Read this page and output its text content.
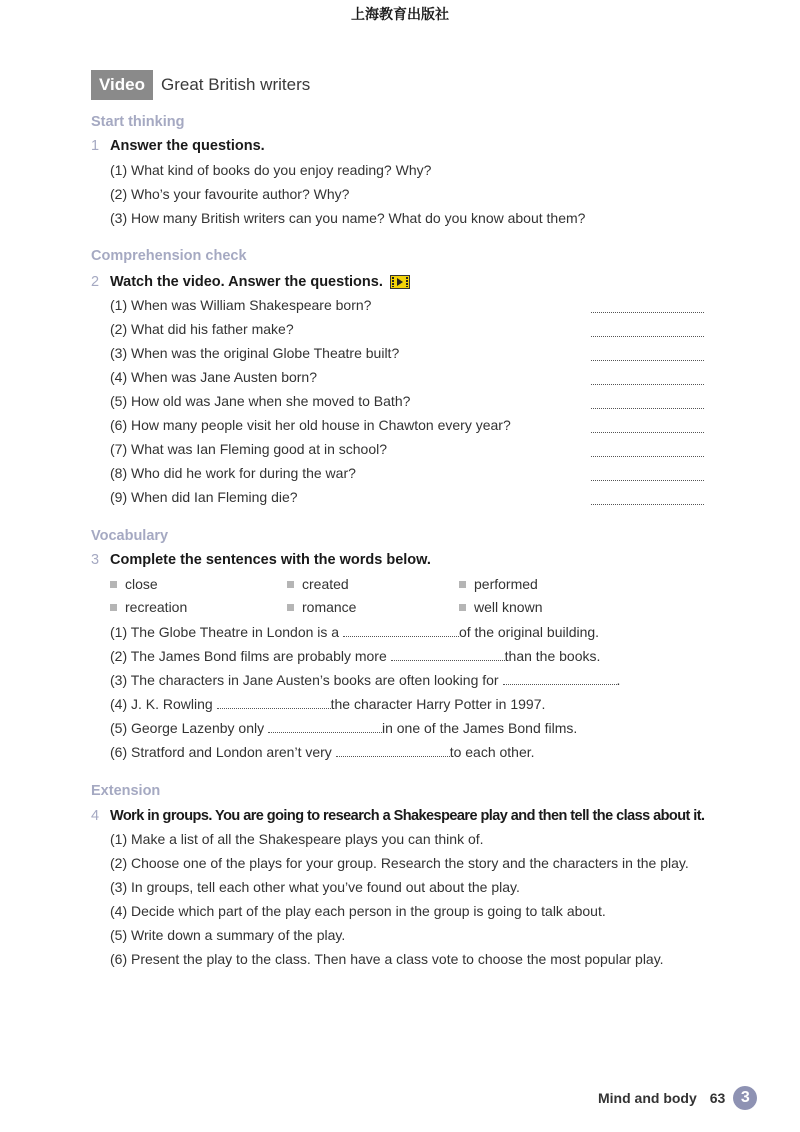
上海教育出版社
Video Great British writers
Start thinking
1 Answer the questions.
(1) What kind of books do you enjoy reading? Why?
(2) Who’s your favourite author? Why?
(3) How many British writers can you name? What do you know about them?
Comprehension check
2 Watch the video. Answer the questions.
(1) When was William Shakespeare born?
(2) What did his father make?
(3) When was the original Globe Theatre built?
(4) When was Jane Austen born?
(5) How old was Jane when she moved to Bath?
(6) How many people visit her old house in Chawton every year?
(7) What was Ian Fleming good at in school?
(8) Who did he work for during the war?
(9) When did Ian Fleming die?
Vocabulary
3 Complete the sentences with the words below.
close	created	performed
recreation	romance	well known
(1) The Globe Theatre in London is a	of the original building.
(2) The James Bond films are probably more	than the books.
(3) The characters in Jane Austen’s books are often looking for	.
(4) J. K. Rowling	the character Harry Potter in 1997.
(5) George Lazenby only	in one of the James Bond films.
(6) Stratford and London aren’t very	to each other.
Extension
4 Work in groups. You are going to research a Shakespeare play and then tell the class about it.
(1) Make a list of all the Shakespeare plays you can think of.
(2) Choose one of the plays for your group. Research the story and the characters in the play.
(3) In groups, tell each other what you’ve found out about the play.
(4) Decide which part of the play each person in the group is going to talk about.
(5) Write down a summary of the play.
(6) Present the play to the class. Then have a class vote to choose the most popular play.
Mind and body 63 3
